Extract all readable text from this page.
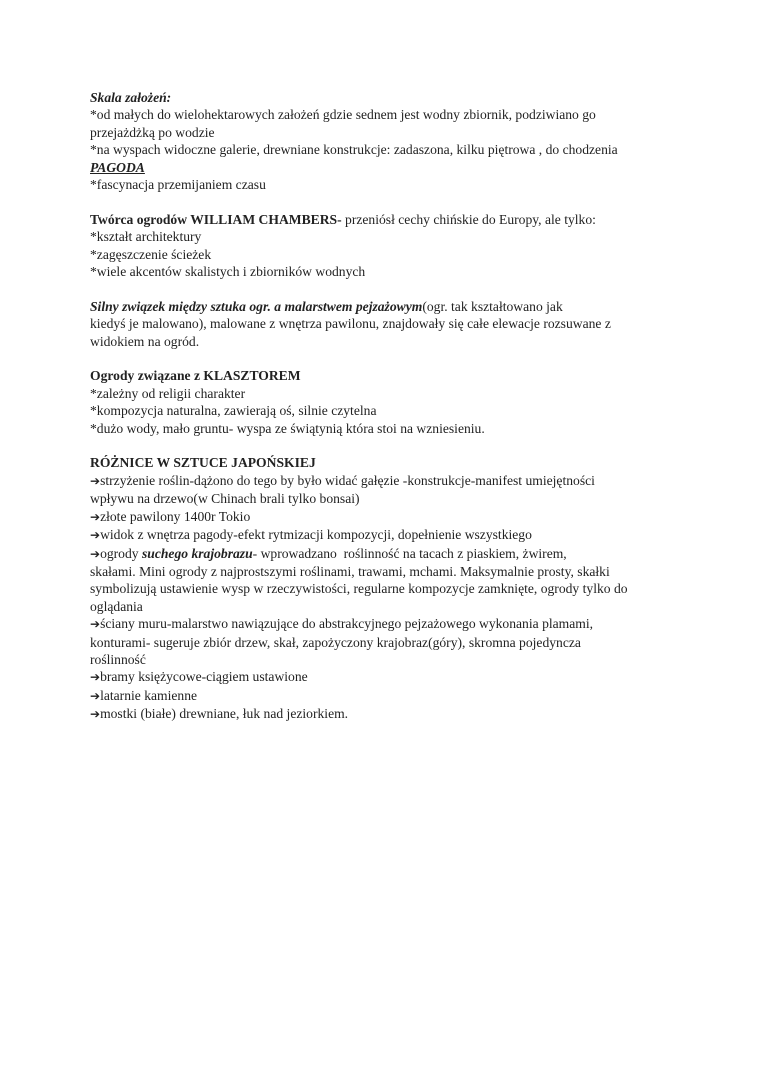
Skala założeń:
*od małych do wielohektarowych założeń gdzie sednem jest wodny zbiornik, podziwiano go
przejażdżką po wodzie
*na wyspach widoczne galerie, drewniane konstrukcje: zadaszona, kilku piętrowa , do chodzenia
PAGODA
*fascynacja przemijaniem czasu
Twórca ogrodów WILLIAM CHAMBERS- przeniósł cechy chińskie do Europy, ale tylko:
*kształt architektury
*zagęszczenie ścieżek
*wiele akcentów skalistych i zbiorników wodnych
Silny związek między sztuka ogr. a malarstwem pejzażowym(ogr. tak kształtowano jak
kiedyś je malowano), malowane z wnętrza pawilonu, znajdowały się całe elewacje rozsuwane z
widokiem na ogród.
Ogrody związane z KLASZTOREM
*zależny od religii charakter
*kompozycja naturalna, zawierają oś, silnie czytelna
*dużo wody, mało gruntu- wyspa ze świątynią która stoi na wzniesieniu.
RÓŻNICE W SZTUCE JAPOŃSKIEJ
➔strzyżenie roślin-dążono do tego by było widać gałęzie -konstrukcje-manifest umiejętności
wpływu na drzewo(w Chinach brali tylko bonsai)
➔złote pawilony 1400r Tokio
➔widok z wnętrza pagody-efekt rytmizacji kompozycji, dopełnienie wszystkiego
➔ogrody suchego krajobrazu- wprowadzano  roślinność na tacach z piaskiem, żwirem,
skałami. Mini ogrody z najprostszymi roślinami, trawami, mchami. Maksymalnie prosty, skałki
symbolizują ustawienie wysp w rzeczywistości, regularne kompozycje zamknięte, ogrody tylko do
oglądania
➔ściany muru-malarstwo nawiązujące do abstrakcyjnego pejzażowego wykonania plamami,
konturami- sugeruje zbiór drzew, skał, zapożyczony krajobraz(góry), skromna pojedyncza
roślinność
➔bramy księżycowe-ciągiem ustawione
➔latarnie kamienne
➔mostki (białe) drewniane, łuk nad jeziorkiem.
